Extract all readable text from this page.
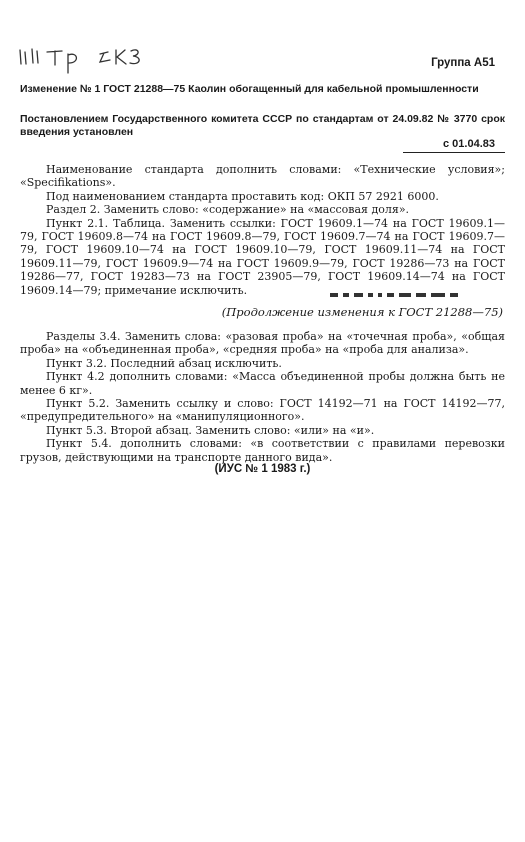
Группа А51
Изменение № 1 ГОСТ 21288—75 Каолин обогащенный для кабельной промышленности
Постановлением Государственного комитета СССР по стандартам от 24.09.82 № 3770 срок введения установлен
с 01.04.83

Наименование стандарта дополнить словами: «Технические условия»; «Specifikations».

Под наименованием стандарта проставить код: ОКП 57 2921 6000.

Раздел 2. Заменить слово: «содержание» на «массовая доля».

Пункт 2.1. Таблица. Заменить ссылки: ГОСТ 19609.1—74 на ГОСТ 19609.1—79, ГОСТ 19609.8—74 на ГОСТ 19609.8—79, ГОСТ 19609.7—74 на ГОСТ 19609.7—79, ГОСТ 19609.10—74 на ГОСТ 19609.10—79, ГОСТ 19609.11—74 на ГОСТ 19609.11—79, ГОСТ 19609.9—74 на ГОСТ 19609.9—79, ГОСТ 19286—73 на ГОСТ 19286—77, ГОСТ 19283—73 на ГОСТ 23905—79, ГОСТ 19609.14—74 на ГОСТ 19609.14—79; примечание исключить.

(Продолжение изменения к ГОСТ 21288—75)

Разделы 3.4. Заменить слова: «разовая проба» на «точечная проба», «общая проба» на «объединенная проба», «средняя проба» на «проба для анализа».

Пункт 3.2. Последний абзац исключить.

Пункт 4.2 дополнить словами: «Масса объединенной пробы должна быть не менее 6 кг».

Пункт 5.2. Заменить ссылку и слово: ГОСТ 14192—71 на ГОСТ 14192—77, «предупредительного» на «манипуляционного».

Пункт 5.3. Второй абзац. Заменить слово: «или» на «и».

Пункт 5.4. дополнить словами: «в соответствии с правилами перевозки грузов, действующими на транспорте данного вида».

(ИУС № 1 1983 г.)
